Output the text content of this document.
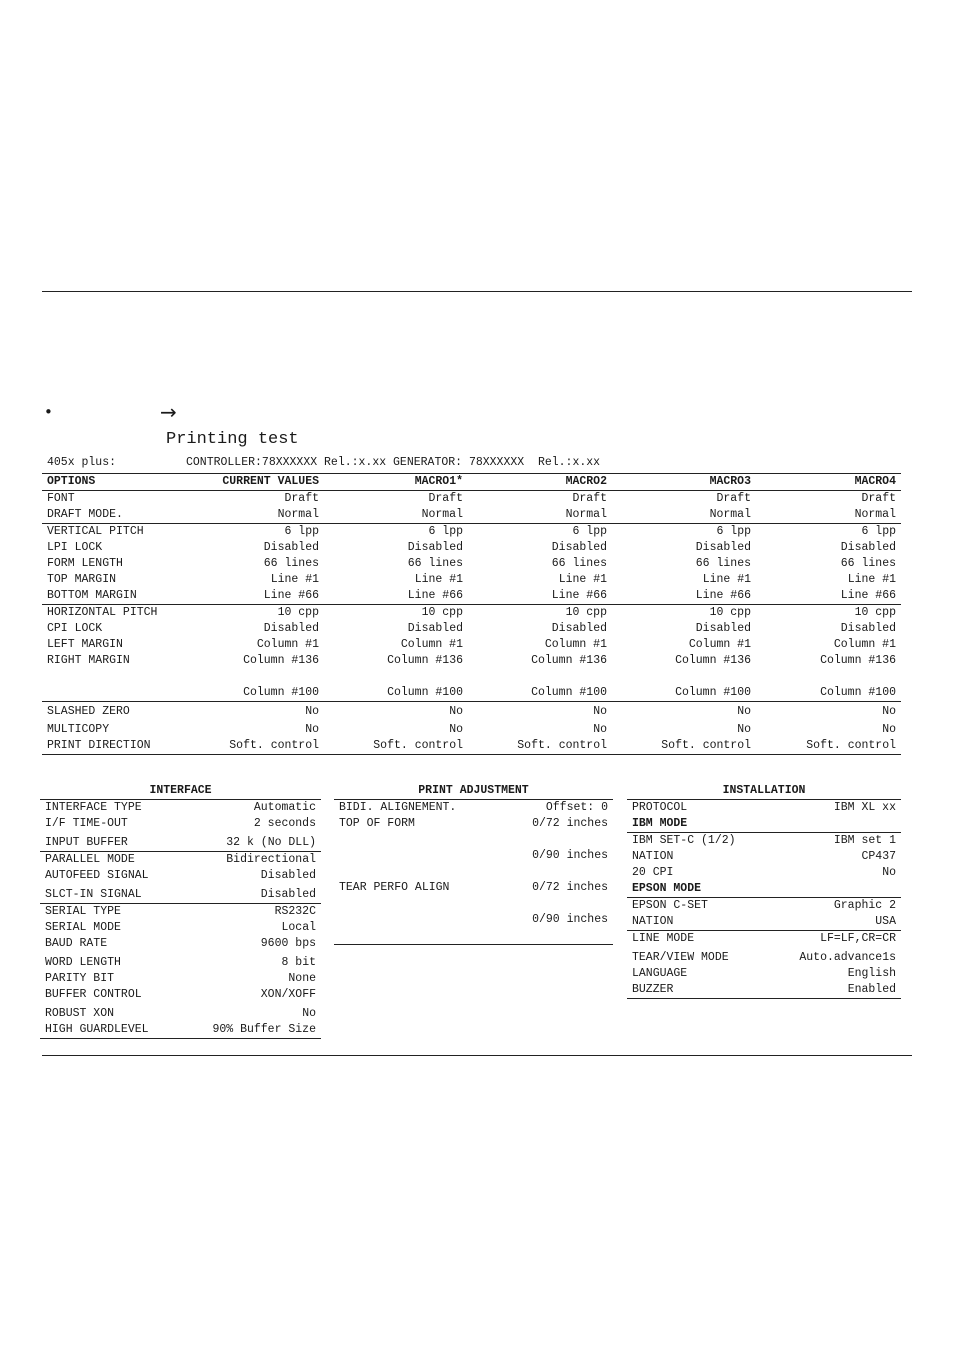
•	→
Printing test

405x plus:

	CONTROLLER:78XXXXXX Rel.:x.xx GENERATOR: 78XXXXXX  Rel.:x.xx

OPTIONS	CURRENT VALUES	MACRO1*	MACRO2	MACRO3	MACRO4
FONT	Draft	Draft	Draft	Draft	Draft
DRAFT MODE.	Normal	Normal	Normal	Normal	Normal
VERTICAL PITCH	6 lpp	6 lpp	6 lpp	6 lpp	6 lpp
LPI LOCK	Disabled	Disabled	Disabled	Disabled	Disabled
FORM LENGTH	66 lines	66 lines	66 lines	66 lines	66 lines
TOP MARGIN	Line #1	Line #1	Line #1	Line #1	Line #1
BOTTOM MARGIN	Line #66	Line #66	Line #66	Line #66	Line #66
HORIZONTAL PITCH	10 cpp	10 cpp	10 cpp	10 cpp	10 cpp
CPI LOCK	Disabled	Disabled	Disabled	Disabled	Disabled
LEFT MARGIN	Column #1	Column #1	Column #1	Column #1	Column #1
RIGHT MARGIN	Column #136	Column #136	Column #136	Column #136	Column #136

	Column #100	Column #100	Column #100	Column #100	Column #100
SLASHED ZERO	No	No	No	No	No
MULTICOPY	No	No	No	No	No
PRINT DIRECTION	Soft. control	Soft. control	Soft. control	Soft. control	Soft. control
INTERFACE
INTERFACE TYPE	Automatic
I/F TIME-OUT	2 seconds
INPUT BUFFER	32 k (No DLL)
PARALLEL MODE	Bidirectional
AUTOFEED SIGNAL	Disabled
SLCT-IN SIGNAL	Disabled
SERIAL TYPE	RS232C
SERIAL MODE	Local
BAUD RATE	9600 bps
WORD LENGTH	8 bit
PARITY BIT	None
BUFFER CONTROL	XON/XOFF
ROBUST XON	No
HIGH GUARDLEVEL	90% Buffer Size
PRINT ADJUSTMENT
BIDI. ALIGNEMENT.	Offset: 0
TOP OF FORM	0/72 inches

	0/90 inches

TEAR PERFO ALIGN	0/72 inches

	0/90 inches

INSTALLATION
PROTOCOL	IBM XL xx
IBM MODE	
IBM SET-C (1/2)	IBM set 1
NATION	CP437
20 CPI	No
EPSON MODE	
EPSON C-SET	Graphic 2
NATION	USA
LINE MODE	LF=LF,CR=CR
TEAR/VIEW MODE	Auto.advance1s
LANGUAGE	English
BUZZER	Enabled
